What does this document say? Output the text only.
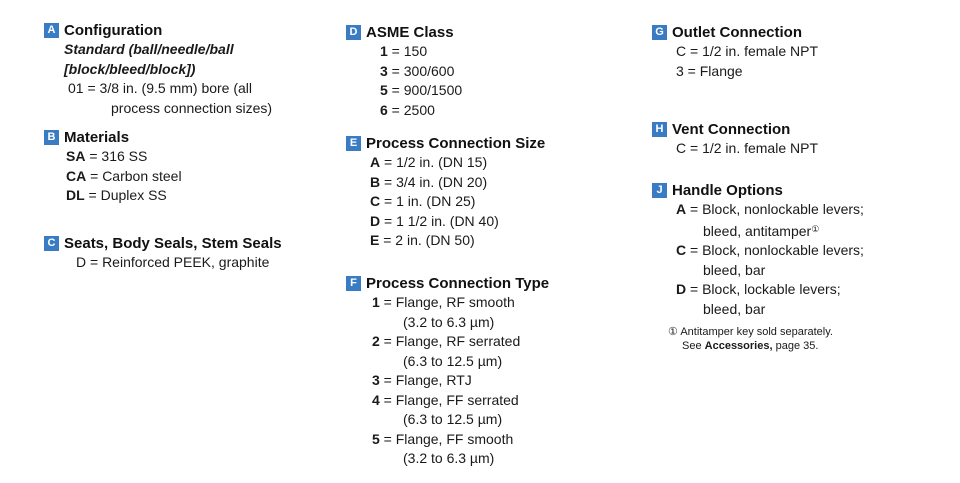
A Configuration
Standard (ball/needle/ball
[block/bleed/block])
01 = 3/8 in. (9.5 mm) bore (all
process connection sizes)
B Materials
SA = 316 SS
CA = Carbon steel
DL = Duplex SS
C Seats, Body Seals, Stem Seals
D = Reinforced PEEK, graphite
D ASME Class
1 = 150
3 = 300/600
5 = 900/1500
6 = 2500
E Process Connection Size
A = 1/2 in. (DN 15)
B = 3/4 in. (DN 20)
C = 1 in. (DN 25)
D = 1 1/2 in. (DN 40)
E = 2 in. (DN 50)
F Process Connection Type
1 = Flange, RF smooth
(3.2 to 6.3 µm)
2 = Flange, RF serrated
(6.3 to 12.5 µm)
3 = Flange, RTJ
4 = Flange, FF serrated
(6.3 to 12.5 µm)
5 = Flange, FF smooth
(3.2 to 6.3 µm)
G Outlet Connection
C = 1/2 in. female NPT
3 = Flange
H Vent Connection
C = 1/2 in. female NPT
J Handle Options
A = Block, nonlockable levers;
bleed, antitamper①
C = Block, nonlockable levers;
bleed, bar
D = Block, lockable levers;
bleed, bar
① Antitamper key sold separately.
See Accessories, page 35.
